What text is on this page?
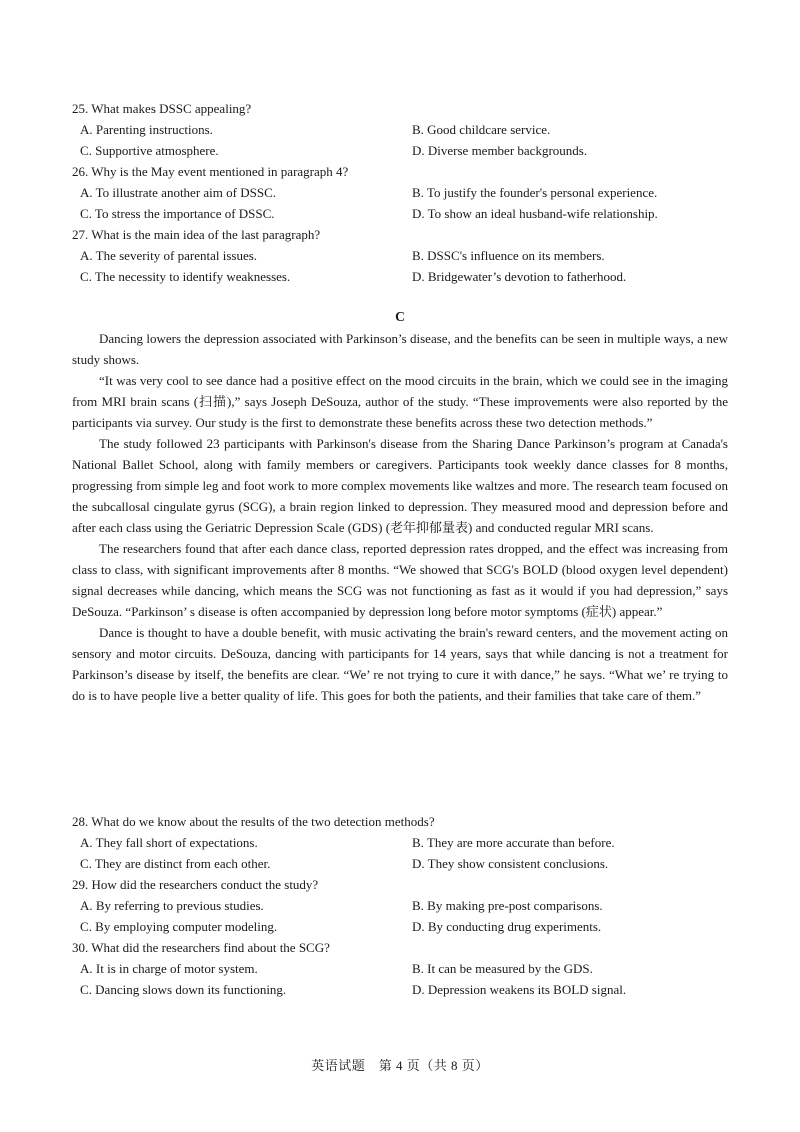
25. What makes DSSC appealing?
A. Parenting instructions.	B. Good childcare service.
C. Supportive atmosphere.	D. Diverse member backgrounds.
26. Why is the May event mentioned in paragraph 4?
A. To illustrate another aim of DSSC.	B. To justify the founder's personal experience.
C. To stress the importance of DSSC.	D. To show an ideal husband-wife relationship.
27. What is the main idea of the last paragraph?
A. The severity of parental issues.	B. DSSC's influence on its members.
C. The necessity to identify weaknesses.	D. Bridgewater’s devotion to fatherhood.
C

Dancing lowers the depression associated with Parkinson’s disease, and the benefits can be seen in multiple ways, a new study shows.

“It was very cool to see dance had a positive effect on the mood circuits in the brain, which we could see in the imaging from MRI brain scans (扫描),” says Joseph DeSouza, author of the study. “These improvements were also reported by the participants via survey. Our study is the first to demonstrate these benefits across these two detection methods.”

The study followed 23 participants with Parkinson's disease from the Sharing Dance Parkinson’s program at Canada's National Ballet School, along with family members or caregivers. Participants took weekly dance classes for 8 months, progressing from simple leg and foot work to more complex movements like waltzes and more. The research team focused on the subcallosal cingulate gyrus (SCG), a brain region linked to depression. They measured mood and depression before and after each class using the Geriatric Depression Scale (GDS) (老年抑郁量表) and conducted regular MRI scans.

The researchers found that after each dance class, reported depression rates dropped, and the effect was increasing from class to class, with significant improvements after 8 months. “We showed that SCG's BOLD (blood oxygen level dependent) signal decreases while dancing, which means the SCG was not functioning as fast as it would if you had depression,” says DeSouza. “Parkinson’ s disease is often accompanied by depression long before motor symptoms (症状) appear.”

Dance is thought to have a double benefit, with music activating the brain's reward centers, and the movement acting on sensory and motor circuits. DeSouza, dancing with participants for 14 years, says that while dancing is not a treatment for Parkinson’s disease by itself, the benefits are clear. “We’ re not trying to cure it with dance,” he says. “What we’ re trying to do is to have people live a better quality of life. This goes for both the patients, and their families that take care of them.”

28. What do we know about the results of the two detection methods?
A. They fall short of expectations.	B. They are more accurate than before.
C. They are distinct from each other.	D. They show consistent conclusions.
29. How did the researchers conduct the study?
A. By referring to previous studies.	B. By making pre-post comparisons.
C. By employing computer modeling.	D. By conducting drug experiments.
30. What did the researchers find about the SCG?
A. It is in charge of motor system.	B. It can be measured by the GDS.
C. Dancing slows down its functioning.	D. Depression weakens its BOLD signal.
英语试题　第 4 页（共 8 页）
